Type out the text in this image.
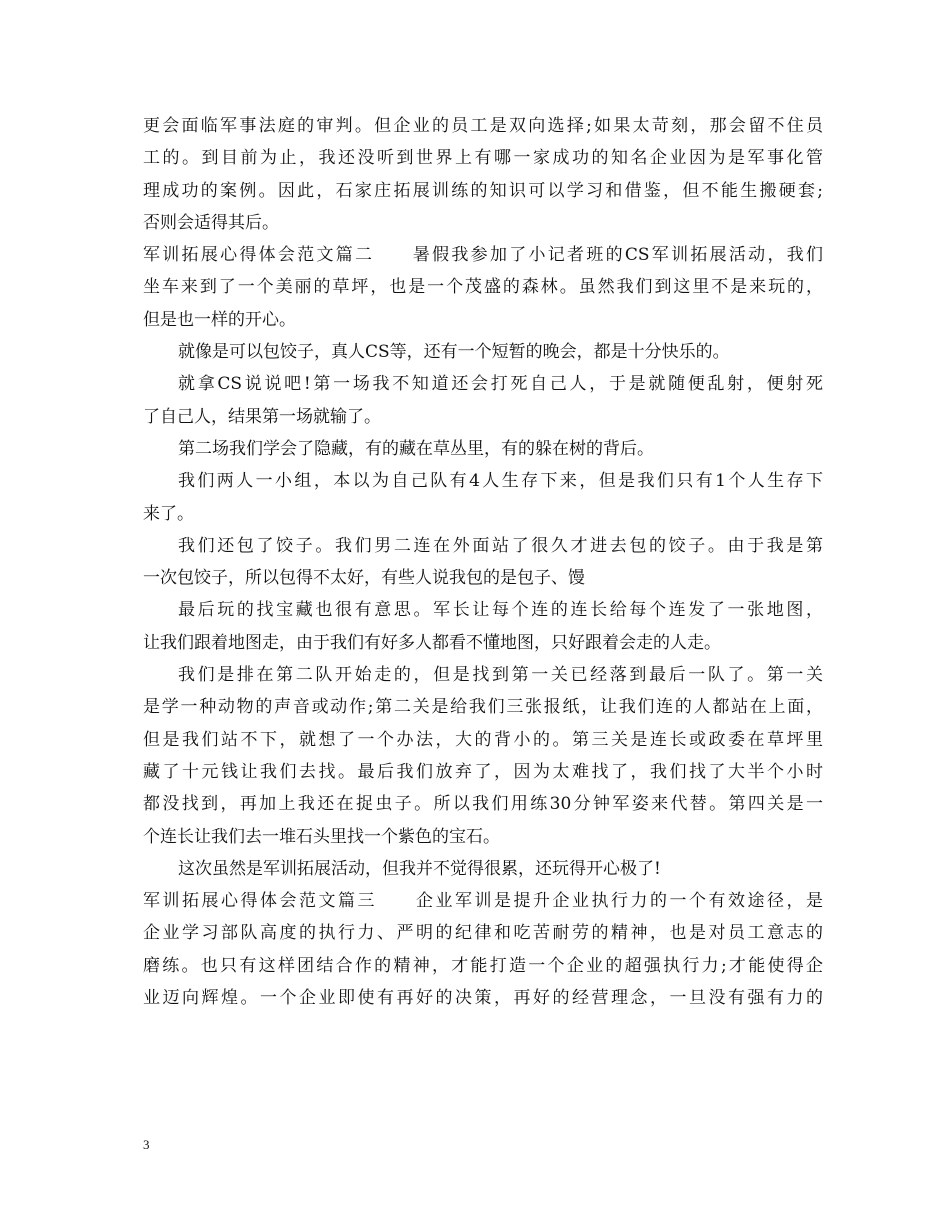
更会面临军事法庭的审判。但企业的员工是双向选择;如果太苛刻，那会留不住员

工的。到目前为止，我还没听到世界上有哪一家成功的知名企业因为是军事化管

理成功的案例。因此，石家庄拓展训练的知识可以学习和借鉴，但不能生搬硬套;

否则会适得其后。

军训拓展心得体会范文篇二　　暑假我参加了小记者班的CS军训拓展活动，我们

坐车来到了一个美丽的草坪，也是一个茂盛的森林。虽然我们到这里不是来玩的，

但是也一样的开心。

就像是可以包饺子，真人CS等，还有一个短暂的晚会，都是十分快乐的。

就拿CS说说吧!第一场我不知道还会打死自己人，于是就随便乱射，便射死

了自己人，结果第一场就输了。

第二场我们学会了隐藏，有的藏在草丛里，有的躲在树的背后。

我们两人一小组，本以为自己队有4人生存下来，但是我们只有1个人生存下

来了。

我们还包了饺子。我们男二连在外面站了很久才进去包的饺子。由于我是第

一次包饺子，所以包得不太好，有些人说我包的是包子、馒

最后玩的找宝藏也很有意思。军长让每个连的连长给每个连发了一张地图，

让我们跟着地图走，由于我们有好多人都看不懂地图，只好跟着会走的人走。

我们是排在第二队开始走的，但是找到第一关已经落到最后一队了。第一关

是学一种动物的声音或动作;第二关是给我们三张报纸，让我们连的人都站在上面，

但是我们站不下，就想了一个办法，大的背小的。第三关是连长或政委在草坪里

藏了十元钱让我们去找。最后我们放弃了，因为太难找了，我们找了大半个小时

都没找到，再加上我还在捉虫子。所以我们用练30分钟军姿来代替。第四关是一

个连长让我们去一堆石头里找一个紫色的宝石。

这次虽然是军训拓展活动，但我并不觉得很累，还玩得开心极了!

军训拓展心得体会范文篇三　　企业军训是提升企业执行力的一个有效途径，是

企业学习部队高度的执行力、严明的纪律和吃苦耐劳的精神，也是对员工意志的

磨练。也只有这样团结合作的精神，才能打造一个企业的超强执行力;才能使得企

业迈向辉煌。一个企业即使有再好的决策，再好的经营理念，一旦没有强有力的

3
